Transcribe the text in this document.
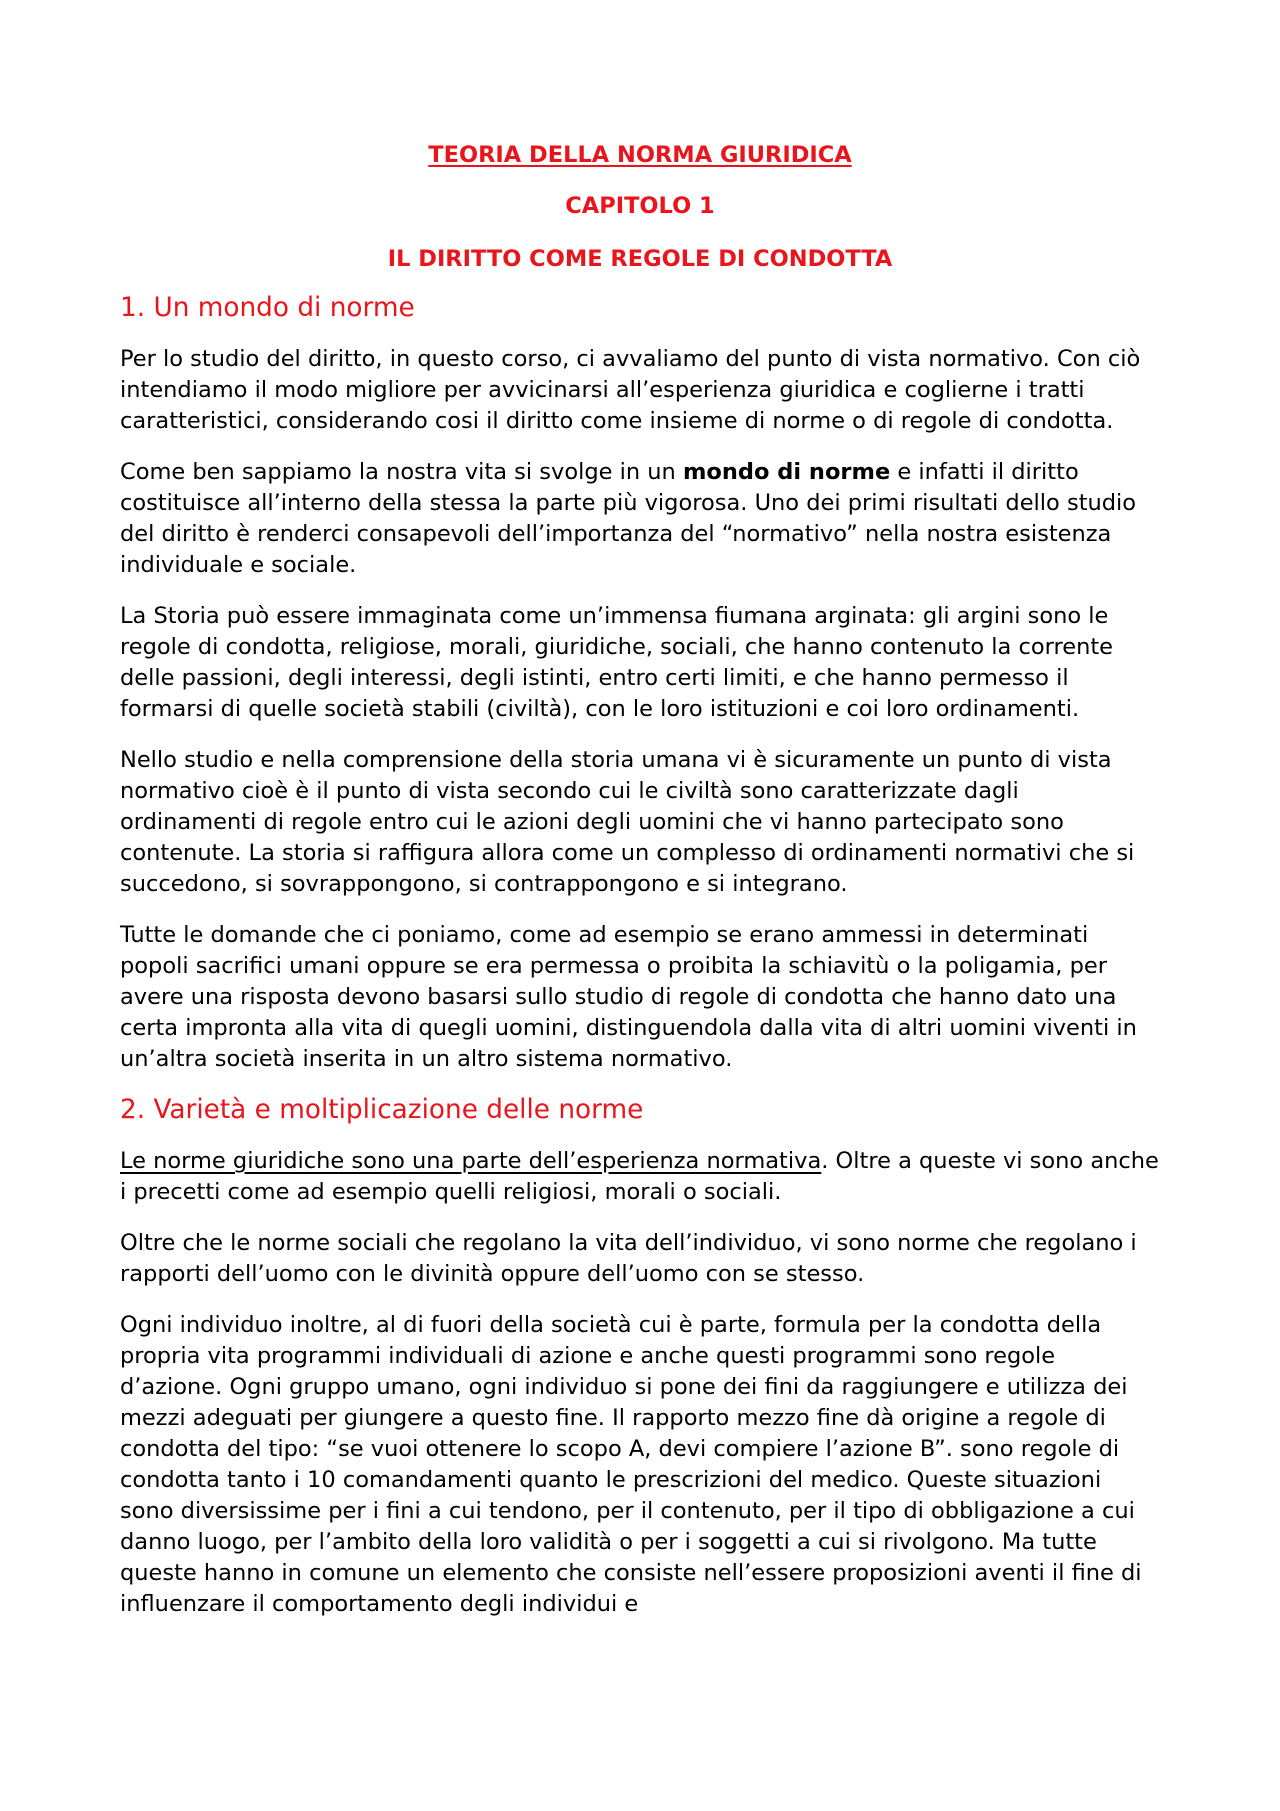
TEORIA DELLA NORMA GIURIDICA
CAPITOLO 1
IL DIRITTO COME REGOLE DI CONDOTTA
1. Un mondo di norme

Per lo studio del diritto, in questo corso, ci avvaliamo del punto di vista normativo. Con ciò intendiamo il modo migliore per avvicinarsi all’esperienza giuridica e coglierne i tratti caratteristici, considerando cosi il diritto come insieme di norme o di regole di condotta.

Come ben sappiamo la nostra vita si svolge in un mondo di norme e infatti il diritto costituisce all’interno della stessa la parte più vigorosa. Uno dei primi risultati dello studio del diritto è renderci consapevoli dell’importanza del “normativo” nella nostra esistenza individuale e sociale.

La Storia può essere immaginata come un’immensa fiumana arginata: gli argini sono le regole di condotta, religiose, morali, giuridiche, sociali, che hanno contenuto la corrente delle passioni, degli interessi, degli istinti, entro certi limiti, e che hanno permesso il formarsi di quelle società stabili (civiltà), con le loro istituzioni e coi loro ordinamenti.

Nello studio e nella comprensione della storia umana vi è sicuramente un punto di vista normativo cioè è il punto di vista secondo cui le civiltà sono caratterizzate dagli ordinamenti di regole entro cui le azioni degli uomini che vi hanno partecipato sono contenute. La storia si raffigura allora come un complesso di ordinamenti normativi che si succedono, si sovrappongono, si contrappongono e si integrano.

Tutte le domande che ci poniamo, come ad esempio se erano ammessi in determinati popoli sacrifici umani oppure se era permessa o proibita la schiavitù o la poligamia, per avere una risposta devono basarsi sullo studio di regole di condotta che hanno dato una certa impronta alla vita di quegli uomini, distinguendola dalla vita di altri uomini viventi in un’altra società inserita in un altro sistema normativo.

2. Varietà e moltiplicazione delle norme

Le norme giuridiche sono una parte dell’esperienza normativa. Oltre a queste vi sono anche i precetti come ad esempio quelli religiosi, morali o sociali.

Oltre che le norme sociali che regolano la vita dell’individuo, vi sono norme che regolano i rapporti dell’uomo con le divinità oppure dell’uomo con se stesso.

Ogni individuo inoltre, al di fuori della società cui è parte, formula per la condotta della propria vita programmi individuali di azione e anche questi programmi sono regole d’azione. Ogni gruppo umano, ogni individuo si pone dei fini da raggiungere e utilizza dei mezzi adeguati per giungere a questo fine. Il rapporto mezzo fine dà origine a regole di condotta del tipo: “se vuoi ottenere lo scopo A, devi compiere l’azione B”. sono regole di condotta tanto i 10 comandamenti quanto le prescrizioni del medico. Queste situazioni sono diversissime per i fini a cui tendono, per il contenuto, per il tipo di obbligazione a cui danno luogo, per l’ambito della loro validità o per i soggetti a cui si rivolgono. Ma tutte queste hanno in comune un elemento che consiste nell’essere proposizioni aventi il fine di influenzare il comportamento degli individui e
